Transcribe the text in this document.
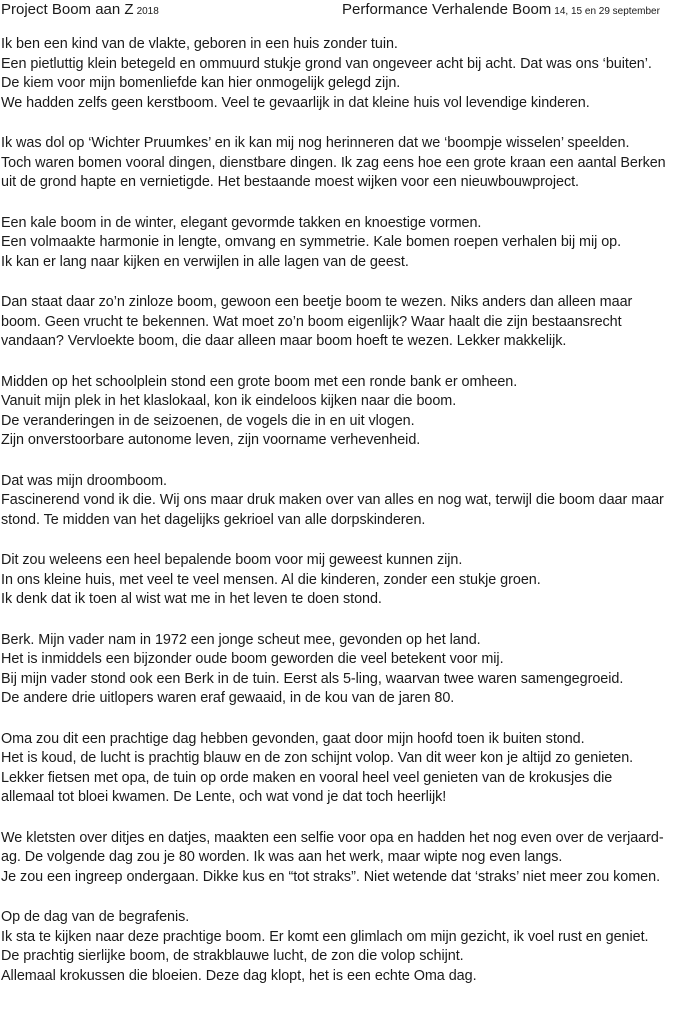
Project Boom aan Z 2018	Performance Verhalende Boom 14, 15 en 29 september
Ik ben een kind van de vlakte, geboren in een huis zonder tuin.
Een pietluttig klein betegeld en ommuurd stukje grond van ongeveer acht bij acht. Dat was ons ‘buiten’.
De kiem voor mijn bomenliefde kan hier onmogelijk gelegd zijn.
We hadden zelfs geen kerstboom. Veel te gevaarlijk in dat kleine huis vol levendige kinderen.
Ik was dol op ‘Wichter Pruumkes’ en ik kan mij nog herinneren dat we ‘boompje wisselen’ speelden.
Toch waren bomen vooral dingen, dienstbare dingen. Ik zag eens hoe een grote kraan een aantal Berken
uit de grond hapte en vernietigde. Het bestaande moest wijken voor een nieuwbouwproject.
Een kale boom in de winter, elegant gevormde takken en knoestige vormen.
Een volmaakte harmonie in lengte, omvang en symmetrie. Kale bomen roepen verhalen bij mij op.
Ik kan er lang naar kijken en verwijlen in alle lagen van de geest.
Dan staat daar zo’n zinloze boom, gewoon een beetje boom te wezen. Niks anders dan alleen maar
boom. Geen vrucht te bekennen. Wat moet zo’n boom eigenlijk? Waar haalt die zijn bestaansrecht
vandaan? Vervloekte boom, die daar alleen maar boom hoeft te wezen. Lekker makkelijk.
Midden op het schoolplein stond een grote boom met een ronde bank er omheen.
Vanuit mijn plek in het klaslokaal, kon ik eindeloos kijken naar die boom.
De veranderingen in de seizoenen, de vogels die in en uit vlogen.
Zijn onverstoorbare autonome leven, zijn voorname verhevenheid.
Dat was mijn droomboom.
Fascinerend vond ik die. Wij ons maar druk maken over van alles en nog wat, terwijl die boom daar maar
stond. Te midden van het dagelijks gekrioel van alle dorpskinderen.
Dit zou weleens een heel bepalende boom voor mij geweest kunnen zijn.
In ons kleine huis, met veel te veel mensen. Al die kinderen, zonder een stukje groen.
Ik denk dat ik toen al wist wat me in het leven te doen stond.
Berk. Mijn vader nam in 1972 een jonge scheut mee, gevonden op het land.
Het is inmiddels een bijzonder oude boom geworden die veel betekent voor mij.
Bij mijn vader stond ook een Berk in de tuin. Eerst als 5-ling, waarvan twee waren samengegroeid.
De andere drie uitlopers waren eraf gewaaid, in de kou van de jaren 80.
Oma zou dit een prachtige dag hebben gevonden, gaat door mijn hoofd toen ik buiten stond.
Het is koud, de lucht is prachtig blauw en de zon schijnt volop. Van dit weer kon je altijd zo genieten.
Lekker fietsen met opa, de tuin op orde maken en vooral heel veel genieten van de krokusjes die
allemaal tot bloei kwamen. De Lente, och wat vond je dat toch heerlijk!
We kletsten over ditjes en datjes, maakten een selfie voor opa en hadden het nog even over de verjaard-
ag. De volgende dag zou je 80 worden. Ik was aan het werk, maar wipte nog even langs.
Je zou een ingreep ondergaan. Dikke kus en “tot straks”. Niet wetende dat ‘straks’ niet meer zou komen.
Op de dag van de begrafenis.
Ik sta te kijken naar deze prachtige boom. Er komt een glimlach om mijn gezicht, ik voel rust en geniet.
De prachtig sierlijke boom, de strakblauwe lucht, de zon die volop schijnt.
Allemaal krokussen die bloeien. Deze dag klopt, het is een echte Oma dag.
